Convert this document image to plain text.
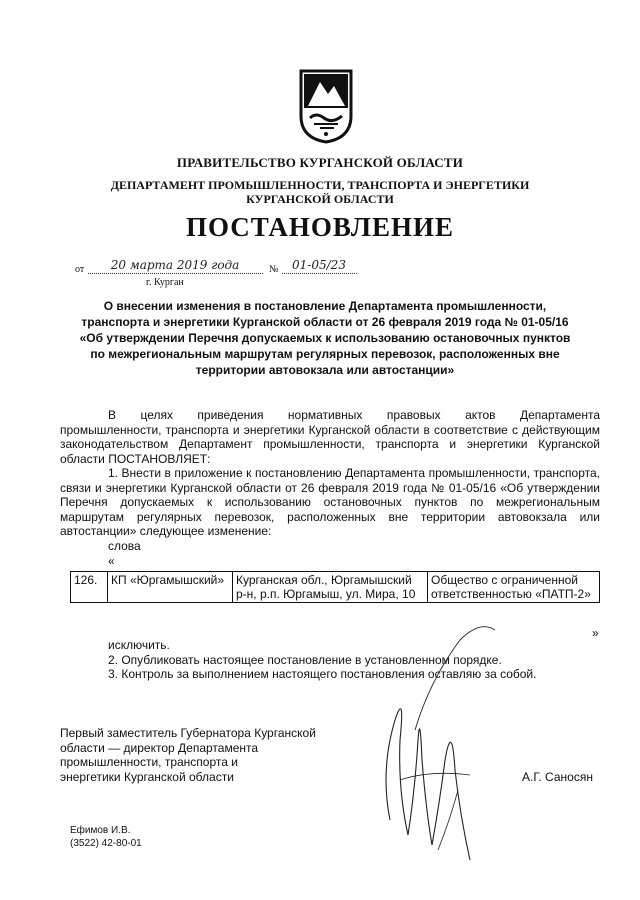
ПРАВИТЕЛЬСТВО КУРГАНСКОЙ ОБЛАСТИ
ДЕПАРТАМЕНТ ПРОМЫШЛЕННОСТИ, ТРАНСПОРТА И ЭНЕРГЕТИКИ
КУРГАНСКОЙ ОБЛАСТИ
ПОСТАНОВЛЕНИЕ
от	20 марта 2019 года	№	01-05/23
г. Курган
О внесении изменения в постановление Департамента промышленности,
транспорта и энергетики Курганской области от 26 февраля 2019 года № 01-05/16
«Об утверждении Перечня допускаемых к использованию остановочных пунктов
по межрегиональным маршрутам регулярных перевозок, расположенных вне
территории автовокзала или автостанции»
В целях приведения нормативных правовых актов Департамента
промышленности, транспорта и энергетики Курганской области в соответствие с действующим законодательством Департамент промышленности, транспорта и энергетики Курганской области ПОСТАНОВЛЯЕТ:
1. Внести в приложение к постановлению Департамента промышленности, транспорта, связи и энергетики Курганской области от 26 февраля 2019 года № 01-05/16 «Об утверждении Перечня допускаемых к использованию остановочных пунктов по межрегиональным маршрутам регулярных перевозок, расположенных вне территории автовокзала или автостанции» следующее изменение:
слова
«
126.	КП «Юргамышский»	Курганская обл., Юргамышский р-н, р.п. Юргамыш, ул. Мира, 10	Общество с ограниченной ответственностью «ПАТП-2»
»
исключить.
2. Опубликовать настоящее постановление в установленном порядке.
3. Контроль за выполнением настоящего постановления оставляю за собой.
Первый заместитель Губернатора Курганской
области — директор Департамента
промышленности, транспорта и
энергетики Курганской области	А.Г. Саносян
Ефимов И.В.
(3522) 42-80-01
